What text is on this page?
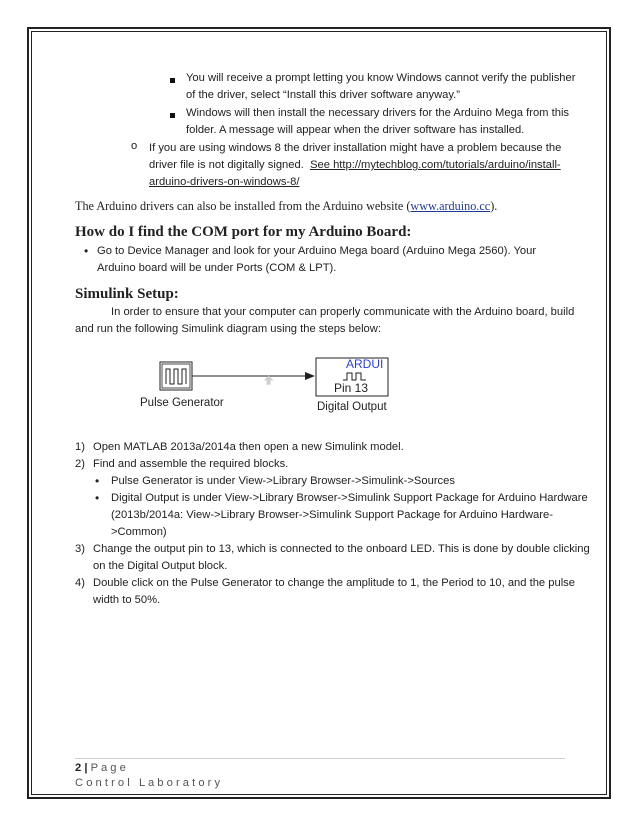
You will receive a prompt letting you know Windows cannot verify the publisher
of the driver, select “Install this driver software anyway.”
Windows will then install the necessary drivers for the Arduino Mega from this
folder. A message will appear when the driver software has installed.
o If you are using windows 8 the driver installation might have a problem because the
driver file is not digitally signed.  See http://mytechblog.com/tutorials/arduino/install-
arduino-drivers-on-windows-8/
The Arduino drivers can also be installed from the Arduino website (www.arduino.cc).
How do I find the COM port for my Arduino Board:
• Go to Device Manager and look for your Arduino Mega board (Arduino Mega 2560). Your
Arduino board will be under Ports (COM & LPT).
Simulink Setup:
In order to ensure that your computer can properly communicate with the Arduino board, build
and run the following Simulink diagram using the steps below:
ARDUI
Pin 13
Pulse Generator	Digital Output
1) Open MATLAB 2013a/2014a then open a new Simulink model.
2) Find and assemble the required blocks.
• Pulse Generator is under View->Library Browser->Simulink->Sources
• Digital Output is under View->Library Browser->Simulink Support Package for Arduino Hardware
(2013b/2014a: View->Library Browser->Simulink Support Package for Arduino Hardware-
>Common)
3) Change the output pin to 13, which is connected to the onboard LED. This is done by double clicking
on the Digital Output block.
4) Double click on the Pulse Generator to change the amplitude to 1, the Period to 10, and the pulse
width to 50%.
2 | P a g e
C o n t r o l   L a b o r a t o r y
